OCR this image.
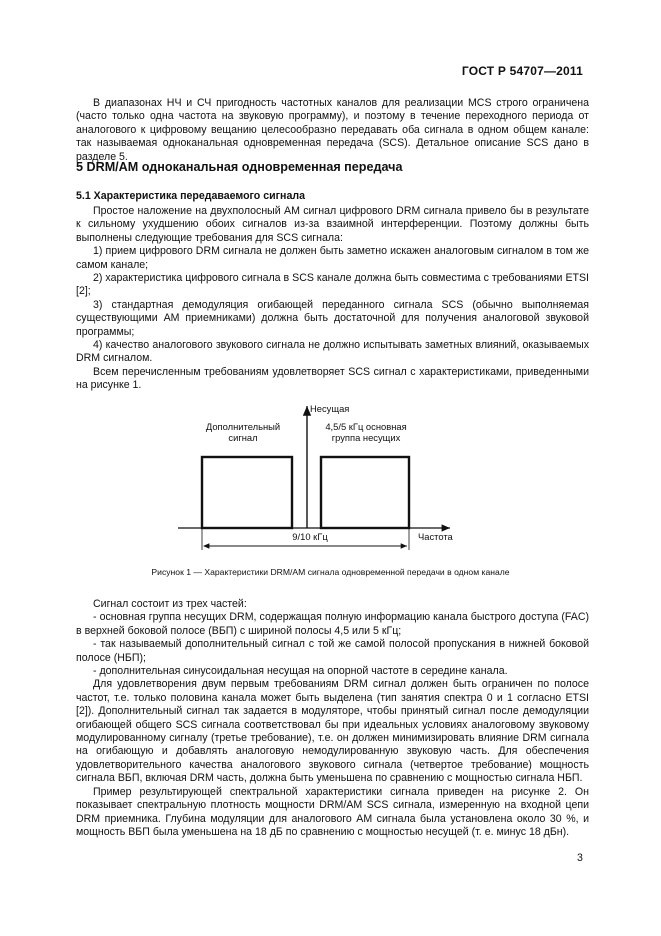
ГОСТ Р 54707—2011

В диапазонах НЧ и СЧ пригодность частотных каналов для реализации MCS строго ограничена (часто только одна частота на звуковую программу), и поэтому в течение переходного периода от аналогового к цифровому вещанию целесообразно передавать оба сигнала в одном общем канале: так называемая одноканальная одновременная передача (SCS). Детальное описание SCS дано в разделе 5.

5 DRM/AM одноканальная одновременная передача
5.1 Характеристика передаваемого сигнала

Простое наложение на двухполосный AM сигнал цифрового DRM сигнала привело бы в результате к сильному ухудшению обоих сигналов из-за взаимной интерференции. Поэтому должны быть выполнены следующие требования для SCS сигнала:

1) прием цифрового DRM сигнала не должен быть заметно искажен аналоговым сигналом в том же самом канале;

2) характеристика цифрового сигнала в SCS канале должна быть совместима с требованиями ETSI [2];

3) стандартная демодуляция огибающей переданного сигнала SCS (обычно выполняемая существующими AM приемниками) должна быть достаточной для получения аналоговой звуковой программы;

4) качество аналогового звукового сигнала не должно испытывать заметных влияний, оказываемых DRM сигналом.

Всем перечисленным требованиям удовлетворяет SCS сигнал с характеристиками, приведенными на рисунке 1.

Несущая
Дополнительный сигнал
4,5/5 кГц основная группа несущих
9/10 кГц	Частота
Рисунок 1 — Характеристики DRM/AM сигнала одновременной передачи в одном канале

Сигнал состоит из трех частей:

- основная группа несущих DRM, содержащая полную информацию канала быстрого доступа (FAC) в верхней боковой полосе (ВБП) с шириной полосы 4,5 или 5 кГц;

- так называемый дополнительный сигнал с той же самой полосой пропускания в нижней боковой полосе (НБП);

- дополнительная синусоидальная несущая на опорной частоте в середине канала.

Для удовлетворения двум первым требованиям DRM сигнал должен быть ограничен по полосе частот, т.е. только половина канала может быть выделена (тип занятия спектра 0 и 1 согласно ETSI [2]). Дополнительный сигнал так задается в модуляторе, чтобы принятый сигнал после демодуляции огибающей общего SCS сигнала соответствовал бы при идеальных условиях аналоговому звуковому модулированному сигналу (третье требование), т.е. он должен минимизировать влияние DRM сигнала на огибающую и добавлять аналоговую немодулированную звуковую часть. Для обеспечения удовлетворительного качества аналогового звукового сигнала (четвертое требование) мощность сигнала ВБП, включая DRM часть, должна быть уменьшена по сравнению с мощностью сигнала НБП.

Пример результирующей спектральной характеристики сигнала приведен на рисунке 2. Он показывает спектральную плотность мощности DRM/AM SCS сигнала, измеренную на входной цепи DRM приемника. Глубина модуляции для аналогового AM сигнала была установлена около 30 %, и мощность ВБП была уменьшена на 18 дБ по сравнению с мощностью несущей (т. е. минус 18 дБн).

3
